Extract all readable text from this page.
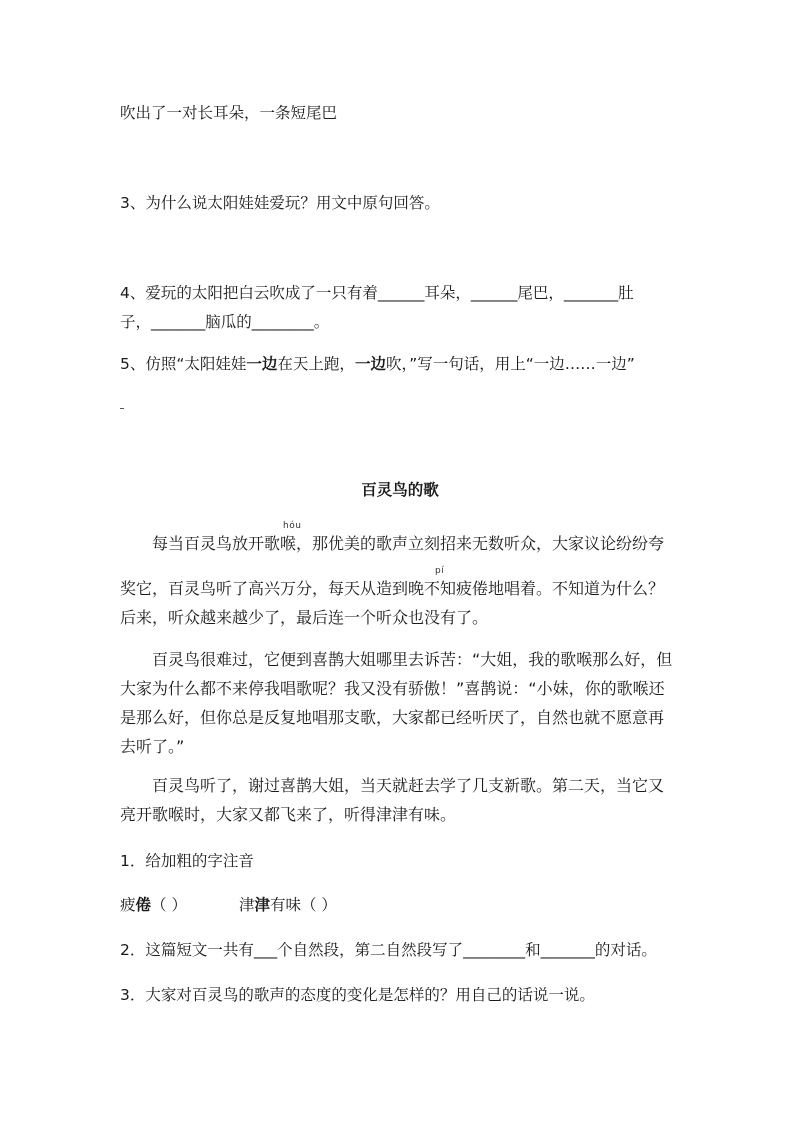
吹出了一对长耳朵，一条短尾巴
3、为什么说太阳娃娃爱玩？用文中原句回答。
4、爱玩的太阳把白云吹成了一只有着______耳朵，______尾巴，_______肚
子，_______脑瓜的________。
5、仿照“太阳娃娃一边在天上跑，一边吹，”写一句话，用上“一边……一边”
百灵鸟的歌
hóu
pí
每当百灵鸟放开歌喉，那优美的歌声立刻招来无数听众，大家议论纷纷夸
奖它，百灵鸟听了高兴万分，每天从造到晚不知疲倦地唱着。不知道为什么？
后来，听众越来越少了，最后连一个听众也没有了。
百灵鸟很难过，它便到喜鹊大姐哪里去诉苦：“大姐，我的歌喉那么好，但
大家为什么都不来停我唱歌呢？我又没有骄傲！”喜鹊说：“小妹，你的歌喉还
是那么好，但你总是反复地唱那支歌，大家都已经听厌了，自然也就不愿意再
去听了。”
百灵鸟听了，谢过喜鹊大姐，当天就赶去学了几支新歌。第二天，当它又
亮开歌喉时，大家又都飞来了，听得津津有味。
1．给加粗的字注音
疲倦（ ）	津津有味（ ）
2．这篇短文一共有___个自然段，第二自然段写了________和_______的对话。
3．大家对百灵鸟的歌声的态度的变化是怎样的？用自己的话说一说。
